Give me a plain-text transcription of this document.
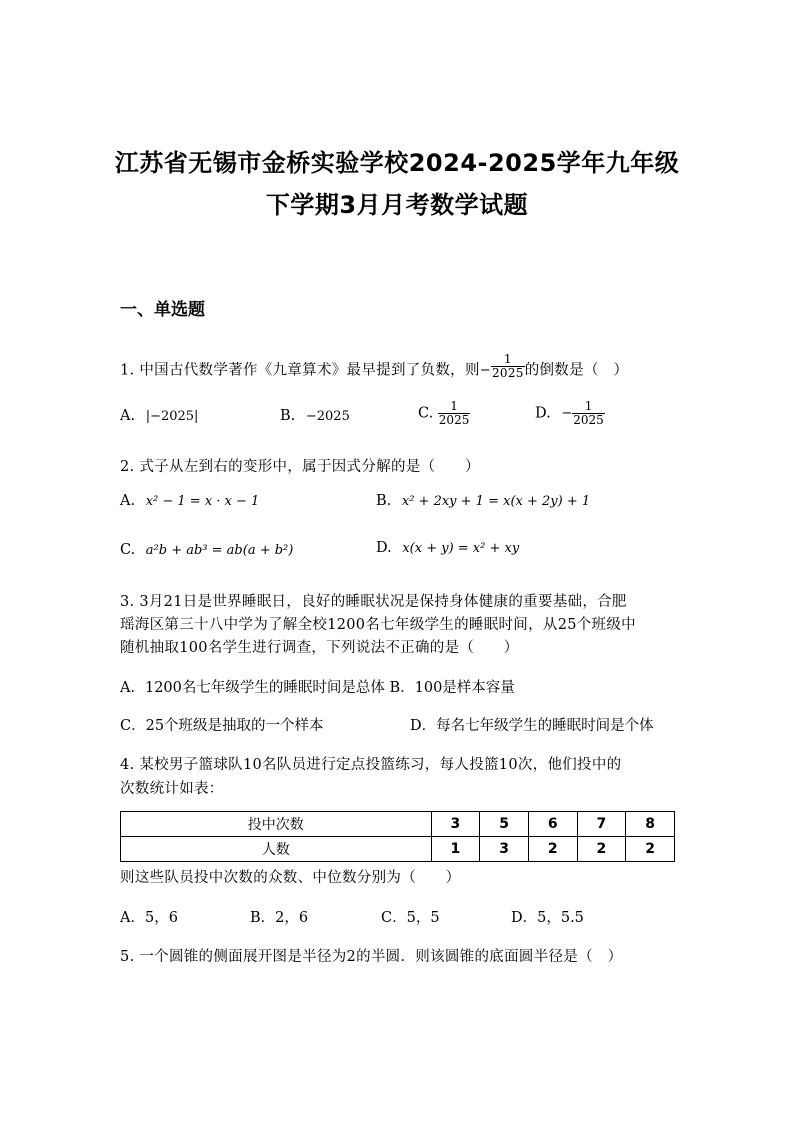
江苏省无锡市金桥实验学校2024-2025学年九年级
下学期3月月考数学试题
一、单选题
1. 中国古代数学著作《九章算术》最早提到了负数，则− $\frac{1}{2025}$ 的倒数是（　）
A. |−2025|	B. −2025	C. $\frac{1}{2025}$	D. − $\frac{1}{2025}$
2. 式子从左到右的变形中，属于因式分解的是（　　）
A. x² − 1 = x · x − 1	B. x² + 2xy + 1 = x(x + 2y) + 1
C. a²b + ab³ = ab(a + b²)	D. x(x + y) = x² + xy
3. 3月21日是世界睡眠日，良好的睡眠状况是保持身体健康的重要基础，合肥
瑶海区第三十八中学为了解全校1200名七年级学生的睡眠时间，从25个班级中
随机抽取100名学生进行调查，下列说法不正确的是（　　）
A．1200名七年级学生的睡眠时间是总体 B．100是样本容量
C．25个班级是抽取的一个样本	D．每名七年级学生的睡眠时间是个体
4. 某校男子篮球队10名队员进行定点投篮练习，每人投篮10次，他们投中的
次数统计如表：
投中次数	3	5	6	7	8
人数	1	3	2	2	2
则这些队员投中次数的众数、中位数分别为（　　）
A．5，6	B．2，6	C．5，5	D．5，5.5
5. 一个圆锥的侧面展开图是半径为2的半圆．则该圆锥的底面圆半径是（　）
